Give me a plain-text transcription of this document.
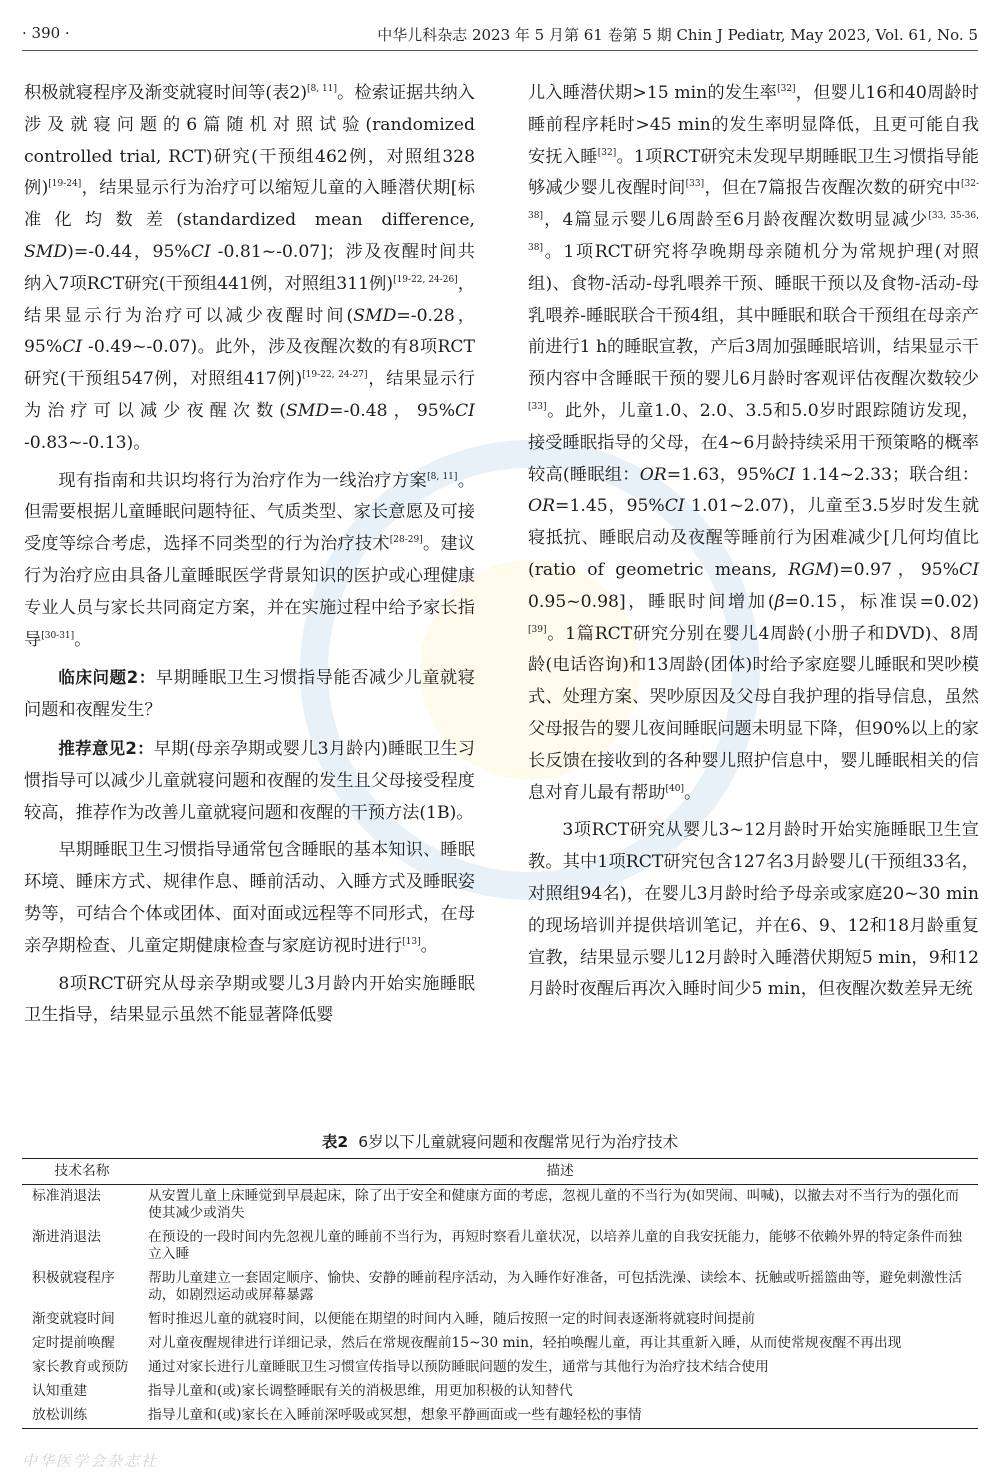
· 390 ·	中华儿科杂志 2023 年 5 月第 61 卷第 5 期 Chin J Pediatr, May 2023, Vol. 61, No. 5

积极就寝程序及渐变就寝时间等(表2)[8, 11]。检索证据共纳入涉及就寝问题的6篇随机对照试验(randomized controlled trial, RCT)研究(干预组462例，对照组328例)[19-24]，结果显示行为治疗可以缩短儿童的入睡潜伏期[标准化均数差(standardized mean difference, SMD)=-0.44，95%CI -0.81~-0.07]；涉及夜醒时间共纳入7项RCT研究(干预组441例，对照组311例)[19-22, 24-26]，结果显示行为治疗可以减少夜醒时间(SMD=-0.28，95%CI -0.49~-0.07)。此外，涉及夜醒次数的有8项RCT研究(干预组547例，对照组417例)[19-22, 24-27]，结果显示行为治疗可以减少夜醒次数(SMD=-0.48，95%CI -0.83~-0.13)。

现有指南和共识均将行为治疗作为一线治疗方案[8, 11]。但需要根据儿童睡眠问题特征、气质类型、家长意愿及可接受度等综合考虑，选择不同类型的行为治疗技术[28-29]。建议行为治疗应由具备儿童睡眠医学背景知识的医护或心理健康专业人员与家长共同商定方案，并在实施过程中给予家长指导[30-31]。

临床问题2：早期睡眠卫生习惯指导能否减少儿童就寝问题和夜醒发生？

推荐意见2：早期(母亲孕期或婴儿3月龄内)睡眠卫生习惯指导可以减少儿童就寝问题和夜醒的发生且父母接受程度较高，推荐作为改善儿童就寝问题和夜醒的干预方法(1B)。

早期睡眠卫生习惯指导通常包含睡眠的基本知识、睡眠环境、睡床方式、规律作息、睡前活动、入睡方式及睡眠姿势等，可结合个体或团体、面对面或远程等不同形式，在母亲孕期检查、儿童定期健康检查与家庭访视时进行[13]。

8项RCT研究从母亲孕期或婴儿3月龄内开始实施睡眠卫生指导，结果显示虽然不能显著降低婴

儿入睡潜伏期>15 min的发生率[32]，但婴儿16和40周龄时睡前程序耗时>45 min的发生率明显降低，且更可能自我安抚入睡[32]。1项RCT研究未发现早期睡眠卫生习惯指导能够减少婴儿夜醒时间[33]，但在7篇报告夜醒次数的研究中[32-38]，4篇显示婴儿6周龄至6月龄夜醒次数明显减少[33, 35-36, 38]。1项RCT研究将孕晚期母亲随机分为常规护理(对照组)、食物-活动-母乳喂养干预、睡眠干预以及食物-活动-母乳喂养-睡眠联合干预4组，其中睡眠和联合干预组在母亲产前进行1 h的睡眠宣教，产后3周加强睡眠培训，结果显示干预内容中含睡眠干预的婴儿6月龄时客观评估夜醒次数较少[33]。此外，儿童1.0、2.0、3.5和5.0岁时跟踪随访发现，接受睡眠指导的父母，在4~6月龄持续采用干预策略的概率较高(睡眠组：OR=1.63，95%CI 1.14~2.33；联合组：OR=1.45，95%CI 1.01~2.07)，儿童至3.5岁时发生就寝抵抗、睡眠启动及夜醒等睡前行为困难减少[几何均值比(ratio of geometric means, RGM)=0.97，95%CI 0.95~0.98]，睡眠时间增加(β=0.15，标准误=0.02)[39]。1篇RCT研究分别在婴儿4周龄(小册子和DVD)、8周龄(电话咨询)和13周龄(团体)时给予家庭婴儿睡眠和哭吵模式、处理方案、哭吵原因及父母自我护理的指导信息，虽然父母报告的婴儿夜间睡眠问题未明显下降，但90%以上的家长反馈在接收到的各种婴儿照护信息中，婴儿睡眠相关的信息对育儿最有帮助[40]。

3项RCT研究从婴儿3~12月龄时开始实施睡眠卫生宣教。其中1项RCT研究包含127名3月龄婴儿(干预组33名，对照组94名)，在婴儿3月龄时给予母亲或家庭20~30 min的现场培训并提供培训笔记，并在6、9、12和18月龄重复宣教，结果显示婴儿12月龄时入睡潜伏期短5 min，9和12月龄时夜醒后再次入睡时间少5 min，但夜醒次数差异无统

表2 6岁以下儿童就寝问题和夜醒常见行为治疗技术
技术名称	描述
标准消退法	从安置儿童上床睡觉到早晨起床，除了出于安全和健康方面的考虑，忽视儿童的不当行为(如哭闹、叫喊)，以撤去对不当行为的强化而使其减少或消失
渐进消退法	在预设的一段时间内先忽视儿童的睡前不当行为，再短时察看儿童状况，以培养儿童的自我安抚能力，能够不依赖外界的特定条件而独立入睡
积极就寝程序	帮助儿童建立一套固定顺序、愉快、安静的睡前程序活动，为入睡作好准备，可包括洗澡、读绘本、抚触或听摇篮曲等，避免刺激性活动，如剧烈运动或屏幕暴露
渐变就寝时间	暂时推迟儿童的就寝时间，以便能在期望的时间内入睡，随后按照一定的时间表逐渐将就寝时间提前
定时提前唤醒	对儿童夜醒规律进行详细记录，然后在常规夜醒前15~30 min，轻拍唤醒儿童，再让其重新入睡，从而使常规夜醒不再出现
家长教育或预防	通过对家长进行儿童睡眠卫生习惯宣传指导以预防睡眠问题的发生，通常与其他行为治疗技术结合使用
认知重建	指导儿童和(或)家长调整睡眠有关的消极思维，用更加积极的认知替代
放松训练	指导儿童和(或)家长在入睡前深呼吸或冥想，想象平静画面或一些有趣轻松的事情
中华医学会杂志社
